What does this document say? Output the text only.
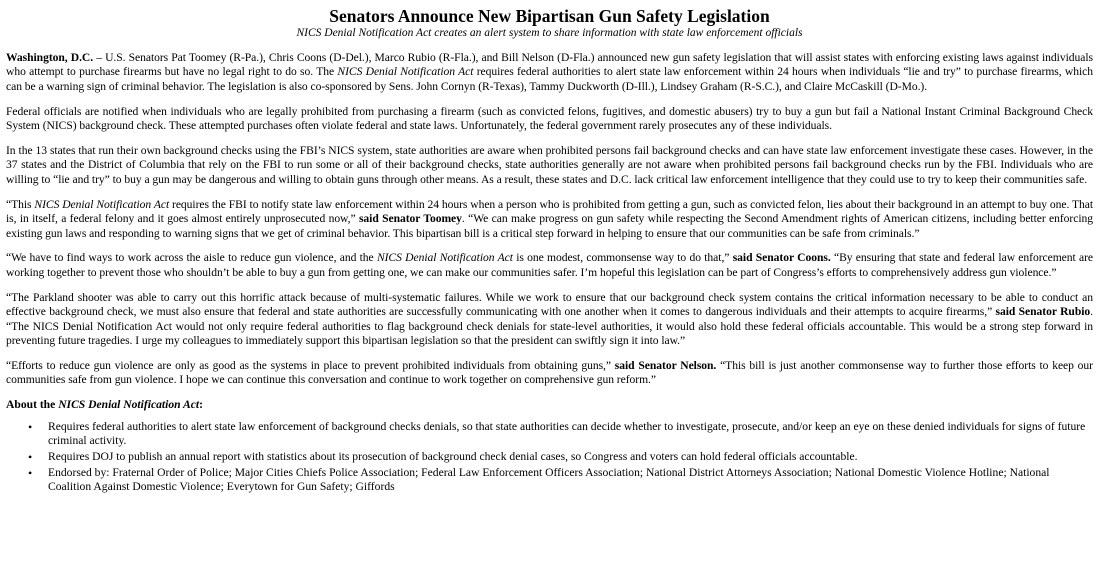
Senators Announce New Bipartisan Gun Safety Legislation
NICS Denial Notification Act creates an alert system to share information with state law enforcement officials

Washington, D.C. – U.S. Senators Pat Toomey (R-Pa.), Chris Coons (D-Del.), Marco Rubio (R-Fla.), and Bill Nelson (D-Fla.) announced new gun safety legislation that will assist states with enforcing existing laws against individuals who attempt to purchase firearms but have no legal right to do so. The NICS Denial Notification Act requires federal authorities to alert state law enforcement within 24 hours when individuals “lie and try” to purchase firearms, which can be a warning sign of criminal behavior. The legislation is also co-sponsored by Sens. John Cornyn (R-Texas), Tammy Duckworth (D-Ill.), Lindsey Graham (R-S.C.), and Claire McCaskill (D-Mo.).

Federal officials are notified when individuals who are legally prohibited from purchasing a firearm (such as convicted felons, fugitives, and domestic abusers) try to buy a gun but fail a National Instant Criminal Background Check System (NICS) background check. These attempted purchases often violate federal and state laws. Unfortunately, the federal government rarely prosecutes any of these individuals.

In the 13 states that run their own background checks using the FBI’s NICS system, state authorities are aware when prohibited persons fail background checks and can have state law enforcement investigate these cases. However, in the 37 states and the District of Columbia that rely on the FBI to run some or all of their background checks, state authorities generally are not aware when prohibited persons fail background checks run by the FBI. Individuals who are willing to “lie and try” to buy a gun may be dangerous and willing to obtain guns through other means. As a result, these states and D.C. lack critical law enforcement intelligence that they could use to try to keep their communities safe.

“This NICS Denial Notification Act requires the FBI to notify state law enforcement within 24 hours when a person who is prohibited from getting a gun, such as convicted felon, lies about their background in an attempt to buy one. That is, in itself, a federal felony and it goes almost entirely unprosecuted now,” said Senator Toomey. “We can make progress on gun safety while respecting the Second Amendment rights of American citizens, including better enforcing existing gun laws and responding to warning signs that we get of criminal behavior. This bipartisan bill is a critical step forward in helping to ensure that our communities can be safe from criminals.”

“We have to find ways to work across the aisle to reduce gun violence, and the NICS Denial Notification Act is one modest, commonsense way to do that,” said Senator Coons. “By ensuring that state and federal law enforcement are working together to prevent those who shouldn’t be able to buy a gun from getting one, we can make our communities safer. I’m hopeful this legislation can be part of Congress’s efforts to comprehensively address gun violence.”

“The Parkland shooter was able to carry out this horrific attack because of multi-systematic failures. While we work to ensure that our background check system contains the critical information necessary to be able to conduct an effective background check, we must also ensure that federal and state authorities are successfully communicating with one another when it comes to dangerous individuals and their attempts to acquire firearms,” said Senator Rubio. “The NICS Denial Notification Act would not only require federal authorities to flag background check denials for state-level authorities, it would also hold these federal officials accountable. This would be a strong step forward in preventing future tragedies. I urge my colleagues to immediately support this bipartisan legislation so that the president can swiftly sign it into law.”

“Efforts to reduce gun violence are only as good as the systems in place to prevent prohibited individuals from obtaining guns,” said Senator Nelson. “This bill is just another commonsense way to further those efforts to keep our communities safe from gun violence. I hope we can continue this conversation and continue to work together on comprehensive gun reform.”

About the NICS Denial Notification Act:
• Requires federal authorities to alert state law enforcement of background checks denials, so that state authorities can decide whether to investigate, prosecute, and/or keep an eye on these denied individuals for signs of future criminal activity.
• Requires DOJ to publish an annual report with statistics about its prosecution of background check denial cases, so Congress and voters can hold federal officials accountable.
• Endorsed by: Fraternal Order of Police; Major Cities Chiefs Police Association; Federal Law Enforcement Officers Association; National District Attorneys Association; National Domestic Violence Hotline; National Coalition Against Domestic Violence; Everytown for Gun Safety; Giffords
